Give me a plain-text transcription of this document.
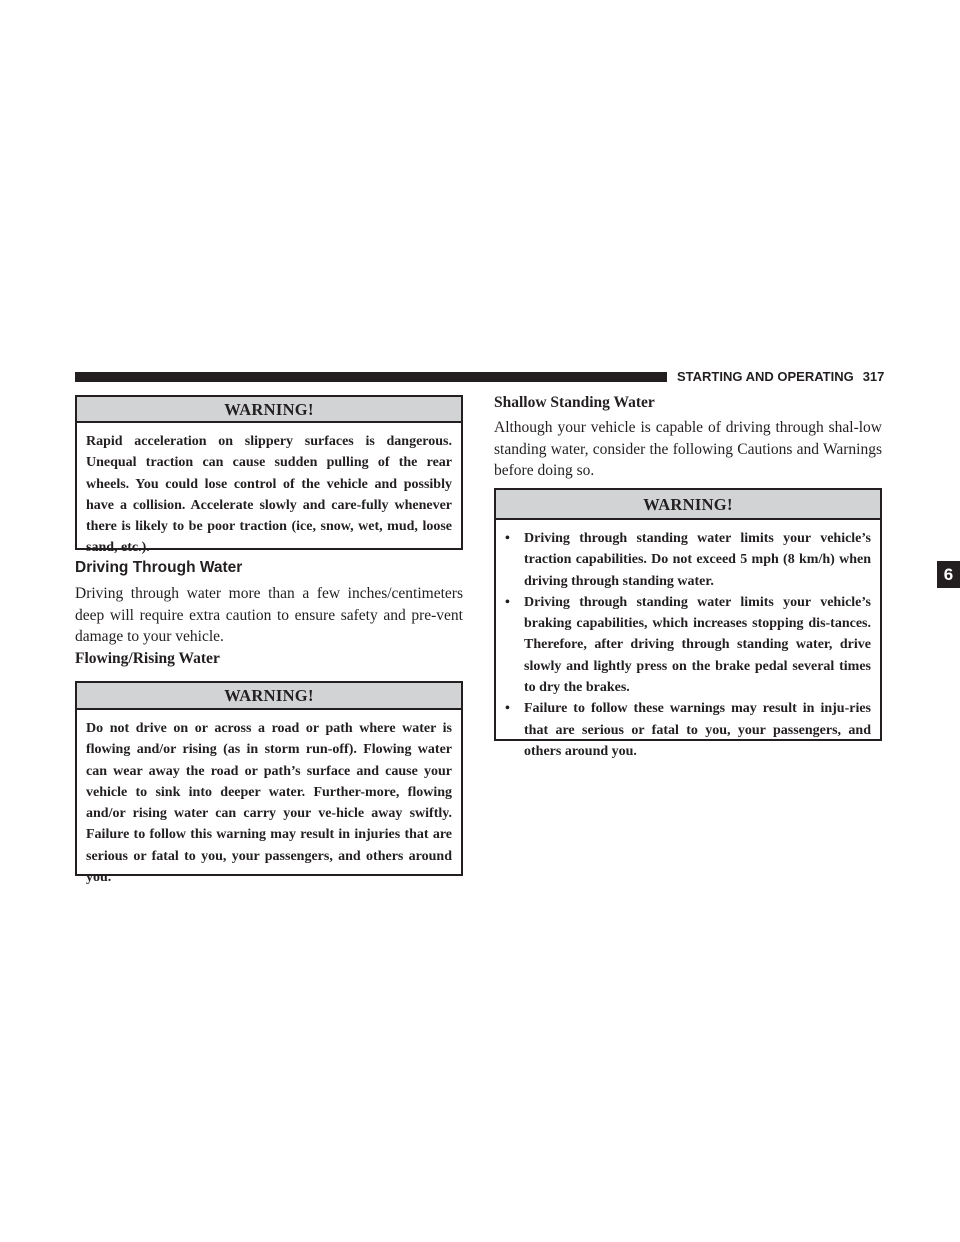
STARTING AND OPERATING 317
6
WARNING!
Rapid acceleration on slippery surfaces is dangerous. Unequal traction can cause sudden pulling of the rear wheels. You could lose control of the vehicle and possibly have a collision. Accelerate slowly and care-fully whenever there is likely to be poor traction (ice, snow, wet, mud, loose sand, etc.).
Driving Through Water
Driving through water more than a few inches/centimeters deep will require extra caution to ensure safety and pre-vent damage to your vehicle.
Flowing/Rising Water
WARNING!
Do not drive on or across a road or path where water is flowing and/or rising (as in storm run-off). Flowing water can wear away the road or path’s surface and cause your vehicle to sink into deeper water. Further-more, flowing and/or rising water can carry your ve-hicle away swiftly. Failure to follow this warning may result in injuries that are serious or fatal to you, your passengers, and others around you.
Shallow Standing Water
Although your vehicle is capable of driving through shal-low standing water, consider the following Cautions and Warnings before doing so.
WARNING!
• Driving through standing water limits your vehicle’s traction capabilities. Do not exceed 5 mph (8 km/h) when driving through standing water.
• Driving through standing water limits your vehicle’s braking capabilities, which increases stopping dis-tances. Therefore, after driving through standing water, drive slowly and lightly press on the brake pedal several times to dry the brakes.
• Failure to follow these warnings may result in inju-ries that are serious or fatal to you, your passengers, and others around you.
